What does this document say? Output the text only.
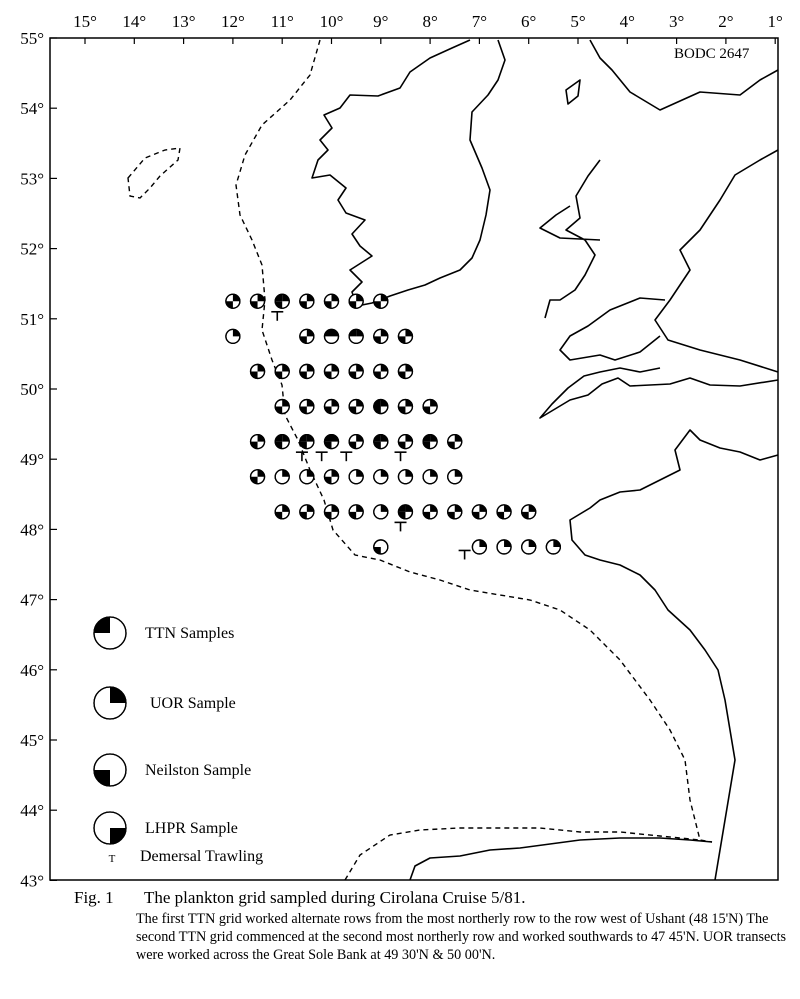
15° 14° 13° 12° 11° 10° 9° 8° 7° 6° 5° 4° 3° 2° 1°
55°
54°
53°
52°
51°
50°
49°
48°
47°
46°
45°
44°
43°
BODC 2647
TTN Samples
UOR Sample
Neilston Sample
LHPR Sample
T Demersal Trawling
Fig. 1 The plankton grid sampled during Cirolana Cruise 5/81.
The first TTN grid worked alternate rows from the most northerly row to the row west of Ushant (48 15'N) The second TTN grid commenced at the second most northerly row and worked southwards to 47 45'N. UOR transects were worked across the Great Sole Bank at 49 30'N & 50 00'N.
